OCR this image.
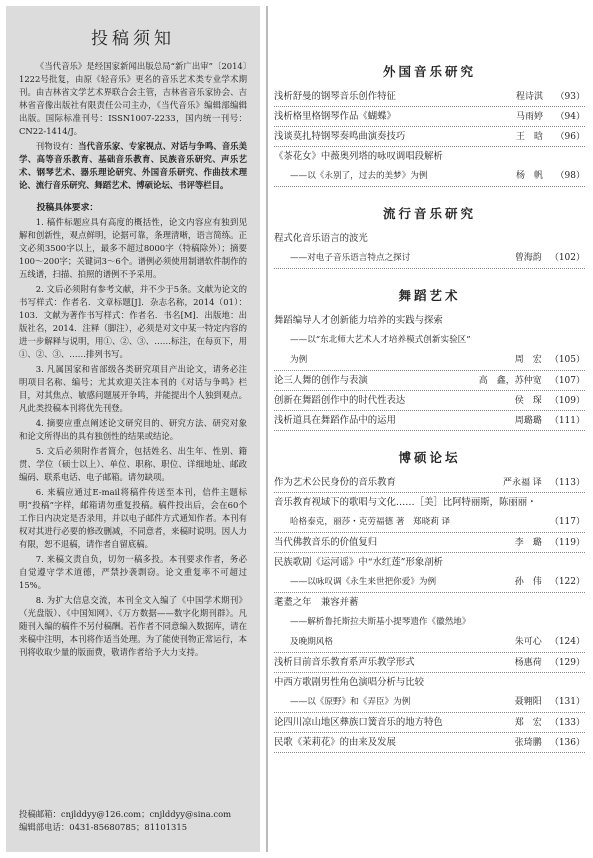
投稿须知

《当代音乐》是经国家新闻出版总局“新广出审”〔2014〕1222号批复，由原《轻音乐》更名的音乐艺术类专业学术期刊。由吉林省文学艺术界联合会主管，吉林省音乐家协会、吉林省音像出版社有限责任公司主办，《当代音乐》编辑部编辑出版。国际标准刊号：ISSN1007-2233，国内统一刊号：CN22-1414/J。

刊物设有：当代音乐家、专家视点、对话与争鸣、音乐美学、高等音乐教育、基础音乐教育、民族音乐研究、声乐艺术、钢琴艺术、器乐理论研究、外国音乐研究、作曲技术理论、流行音乐研究、舞蹈艺术、博硕论坛、书评等栏目。

投稿具体要求：

1. 稿件标题应具有高度的概括性，论文内容应有独到见解和创新性，观点鲜明，论据可靠，条理清晰，语言简练。正文必须3500字以上，最多不超过8000字（特稿除外）；摘要100～200字；关键词3～6个。谱例必须使用制谱软件制作的五线谱，扫描、拍照的谱例不予采用。

2. 文后必须附有参考文献，并不少于5条。文献为论文的书写样式：作者名．文章标题[J]．杂志名称，2014（01）：103．文献为著作书写样式：作者名．书名[M]．出版地：出版社名，2014．注释（脚注），必须是对文中某一特定内容的进一步解释与说明，用①、②、③、……标注，在每页下，用①、②、③、……排列书写。

3. 凡属国家和省部级各类研究项目产出论文，请务必注明项目名称、编号；尤其欢迎关注本刊的《对话与争鸣》栏目，对其焦点、敏感问题展开争鸣，并能提出个人独到观点。凡此类投稿本刊将优先刊登。

4. 摘要应重点阐述论文研究目的、研究方法、研究对象和论文所得出的具有独创性的结果或结论。

5. 文后必须附作者简介，包括姓名、出生年、性别、籍贯、学位（硕士以上）、单位、职称、职位、详细地址、邮政编码、联系电话、电子邮箱。请勿缺项。

6. 来稿应通过E-mail将稿件传送至本刊，信件主题标明“投稿”字样，邮箱请勿重复投稿。稿件投出后，会在60个工作日内决定是否录用，并以电子邮件方式通知作者。本刊有权对其进行必要的修改删减，不同意者，来稿时说明。因人力有限，恕不退稿，请作者自留底稿。

7. 来稿文责自负，切勿一稿多投。本刊要求作者，务必自觉遵守学术道德，严禁抄袭剽窃。论文重复率不可超过15%。

8. 为扩大信息交流，本刊全文入编了《中国学术期刊》（光盘版）、《中国知网》、《万方数据——数字化期刊群》。凡随刊入编的稿件不另付稿酬。若作者不同意编入数据库，请在来稿中注明，本刊将作适当处理。为了能使刊物正常运行，本刊将收取少量的版面费，敬请作者给予大力支持。

投稿邮箱：cnjlddyy@126.com；cnjlddyy@sina.com
编辑部电话：0431-85680785；81101315
外国音乐研究
浅析舒曼的钢琴音乐创作特征	程诗淇	（93）
浅析格里格钢琴作品《蝴蝶》	马雨婷	（94）
浅谈莫扎特钢琴奏鸣曲演奏技巧	王　晗	（96）
《茶花女》中薇奥列塔的咏叹调唱段解析
——以《永别了，过去的美梦》为例	杨　帆	（98）
流行音乐研究
程式化音乐语言的波光
——对电子音乐语言特点之探讨	曾海韵 （102）
舞蹈艺术
舞蹈编导人才创新能力培养的实践与探索
——以“东北师大艺术人才培养模式创新实验区”
为例	周　宏 （105）
论三人舞的创作与表演	高　鑫，苏仲宽 （107）
创新在舞蹈创作中的时代性表达	侯　琛 （109）
浅析道具在舞蹈作品中的运用	周璐璐 （111）
博硕论坛
作为艺术公民身份的音乐教育	严永福 译 （113）
音乐教育视域下的歌唱与文化……［美］比阿特丽斯，陈丽丽・
哈格泰克，丽莎・克劳福德 著　郑晓莉 译	（117）
当代佛教音乐的价值复归	李　璐 （119）
民族歌剧《运河谣》中“水红莲”形象剖析
——以咏叹调《永生来世把你爱》为例	孙　伟 （122）
耄耋之年　兼容并蓄
——解析鲁托斯拉夫斯基小提琴遗作《徽然地》
及晚期风格	朱可心 （124）
浅析目前音乐教育系声乐教学形式	杨惠荷 （129）
中西方歌剧男性角色演唱分析与比较
——以《原野》和《弄臣》为例	聂翱阳 （131）
论四川凉山地区彝族口簧音乐的地方特色	郑　宏 （133）
民歌《茉莉花》的由来及发展	张琦鹏 （136）
